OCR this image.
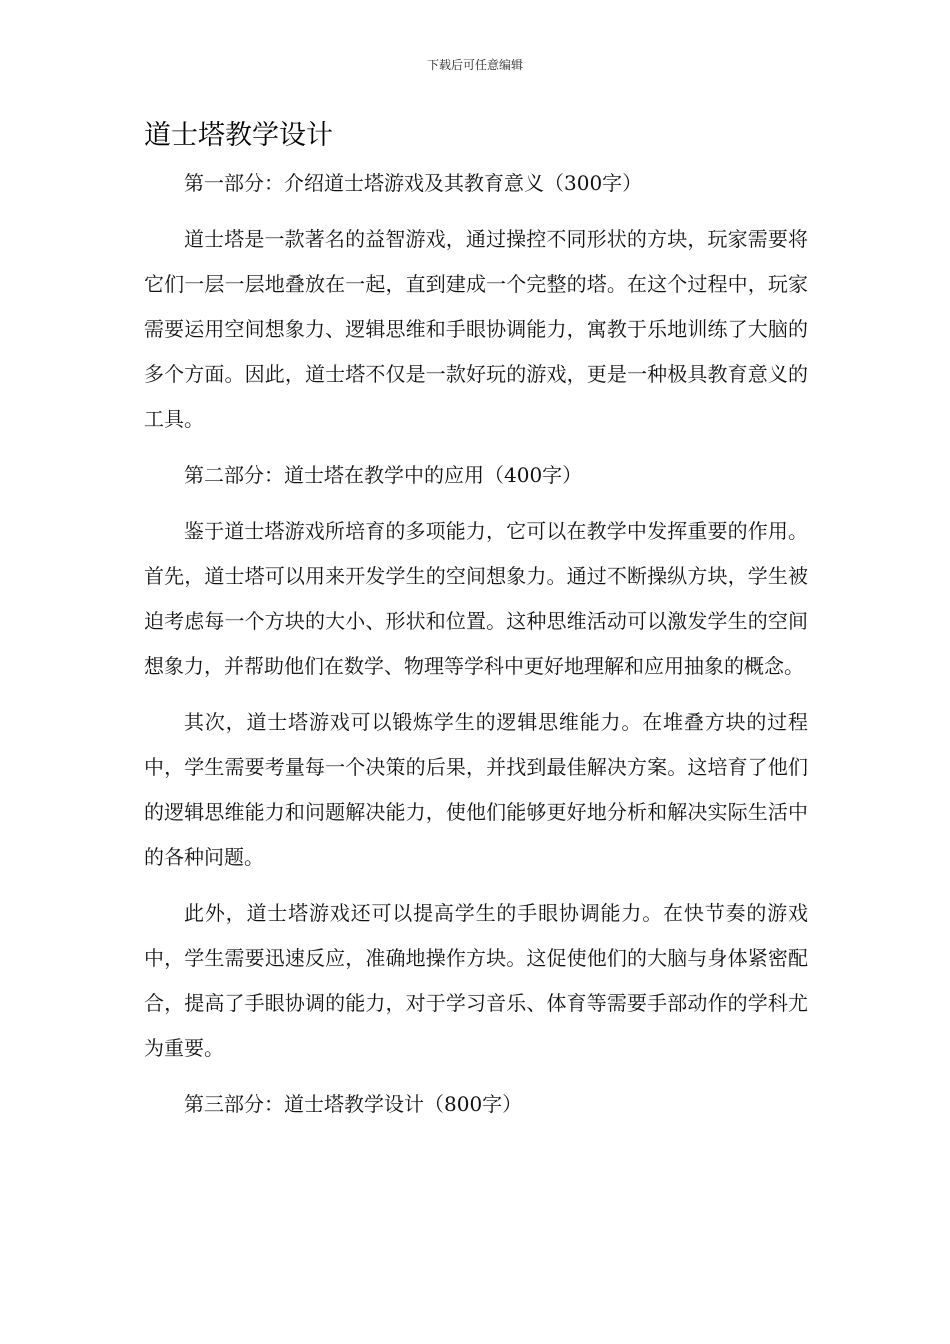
下载后可任意编辑
道士塔教学设计

第一部分：介绍道士塔游戏及其教育意义（300字）

道士塔是一款著名的益智游戏，通过操控不同形状的方块，玩家需要将它们一层一层地叠放在一起，直到建成一个完整的塔。在这个过程中，玩家需要运用空间想象力、逻辑思维和手眼协调能力，寓教于乐地训练了大脑的多个方面。因此，道士塔不仅是一款好玩的游戏，更是一种极具教育意义的工具。

第二部分：道士塔在教学中的应用（400字）

鉴于道士塔游戏所培育的多项能力，它可以在教学中发挥重要的作用。首先，道士塔可以用来开发学生的空间想象力。通过不断操纵方块，学生被迫考虑每一个方块的大小、形状和位置。这种思维活动可以激发学生的空间想象力，并帮助他们在数学、物理等学科中更好地理解和应用抽象的概念。

其次，道士塔游戏可以锻炼学生的逻辑思维能力。在堆叠方块的过程中，学生需要考量每一个决策的后果，并找到最佳解决方案。这培育了他们的逻辑思维能力和问题解决能力，使他们能够更好地分析和解决实际生活中的各种问题。

此外，道士塔游戏还可以提高学生的手眼协调能力。在快节奏的游戏中，学生需要迅速反应，准确地操作方块。这促使他们的大脑与身体紧密配合，提高了手眼协调的能力，对于学习音乐、体育等需要手部动作的学科尤为重要。

第三部分：道士塔教学设计（800字）
